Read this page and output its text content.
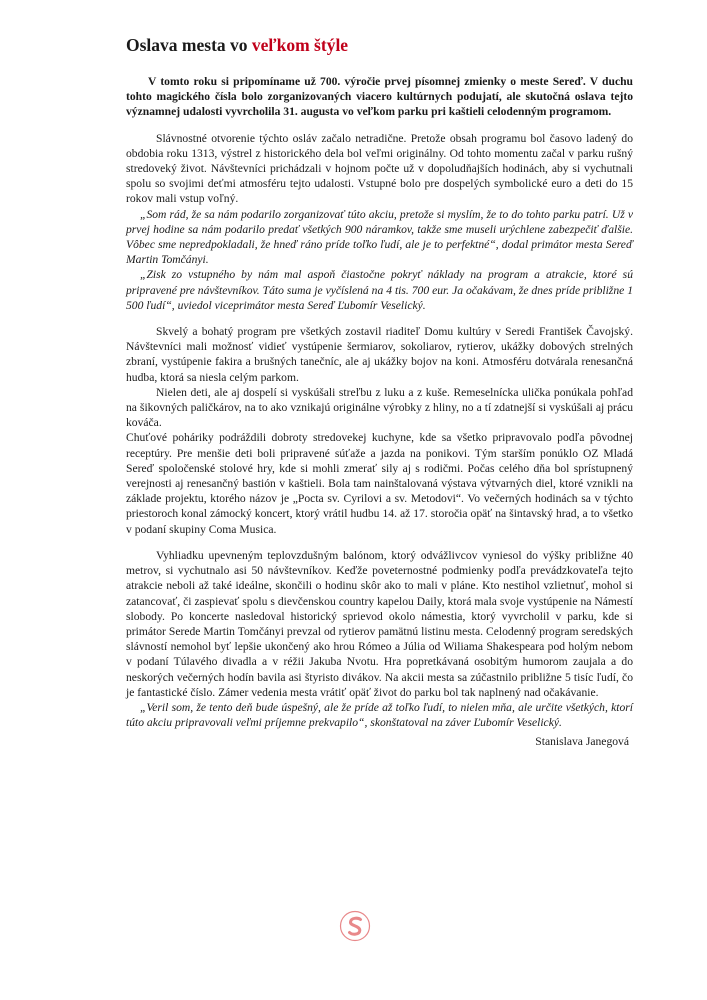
Oslava mesta vo veľkom štýle

V tomto roku si pripomíname už 700. výročie prvej písomnej zmienky o meste Sereď. V duchu tohto magického čísla bolo zorganizovaných viacero kultúrnych podujatí, ale skutočná oslava tejto významnej udalosti vyvrcholila 31. augusta vo veľkom parku pri kaštieli celodenným programom.

Slávnostné otvorenie týchto osláv začalo netradične. Pretože obsah programu bol časovo ladený do obdobia roku 1313, výstrel z historického dela bol veľmi originálny. Od tohto momentu začal v parku rušný stredoveký život. Návštevníci prichádzali v hojnom počte už v dopoludňajších hodinách, aby si vychutnali spolu so svojimi deťmi atmosféru tejto udalosti. Vstupné bolo pre dospelých symbolické euro a deti do 15 rokov mali vstup voľný.

„Som rád, že sa nám podarilo zorganizovať túto akciu, pretože si myslím, že to do tohto parku patrí. Už v prvej hodine sa nám podarilo predať všetkých 900 náramkov, takže sme museli urýchlene zabezpečiť ďalšie. Vôbec sme nepredpokladali, že hneď ráno príde toľko ľudí, ale je to perfektné“, dodal primátor mesta Sereď Martin Tomčányi.

„Zisk zo vstupného by nám mal aspoň čiastočne pokryť náklady na program a atrakcie, ktoré sú pripravené pre návštevníkov. Táto suma je vyčíslená na 4 tis. 700 eur. Ja očakávam, že dnes príde približne 1 500 ľudí“, uviedol viceprimátor mesta Sereď Ľubomír Veselický.

Skvelý a bohatý program pre všetkých zostavil riaditeľ Domu kultúry v Seredi František Čavojský. Návštevníci mali možnosť vidieť vystúpenie šermiarov, sokoliarov, rytierov, ukážky dobových strelných zbraní, vystúpenie fakira a brušných tanečníc, ale aj ukážky bojov na koni. Atmosféru dotvárala renesančná hudba, ktorá sa niesla celým parkom.

Nielen deti, ale aj dospelí si vyskúšali streľbu z luku a z kuše. Remeselnícka ulička ponúkala pohľad na šikovných paličkárov, na to ako vznikajú originálne výrobky z hliny, no a tí zdatnejší si vyskúšali aj prácu kováča.

Chuťové poháriky podráždili dobroty stredovekej kuchyne, kde sa všetko pripravovalo podľa pôvodnej receptúry. Pre menšie deti boli pripravené súťaže a jazda na ponikovi. Tým starším ponúklo OZ Mladá Sereď spoločenské stolové hry, kde si mohli zmerať sily aj s rodičmi. Počas celého dňa bol sprístupnený verejnosti aj renesančný bastión v kaštieli. Bola tam nainštalovaná výstava výtvarných diel, ktoré vznikli na základe projektu, ktorého názov je „Pocta sv. Cyrilovi a sv. Metodovi“. Vo večerných hodinách sa v týchto priestoroch konal zámocký koncert, ktorý vrátil hudbu 14. až 17. storočia opäť na šintavský hrad, a to všetko v podaní skupiny Coma Musica.

Vyhliadku upevneným teplovzdušným balónom, ktorý odvážlivcov vyniesol do výšky približne 40 metrov, si vychutnalo asi 50 návštevníkov. Keďže poveternostné podmienky podľa prevádzkovateľa tejto atrakcie neboli až také ideálne, skončili o hodinu skôr ako to mali v pláne. Kto nestihol vzlietnuť, mohol si zatancovať, či zaspievať spolu s dievčenskou country kapelou Daily, ktorá mala svoje vystúpenie na Námestí slobody. Po koncerte nasledoval historický sprievod okolo námestia, ktorý vyvrcholil v parku, kde si primátor Serede Martin Tomčányi prevzal od rytierov pamätnú listinu mesta. Celodenný program seredských slávností nemohol byť lepšie ukončený ako hrou Rómeo a Júlia od Wiliama Shakespeara pod holým nebom v podaní Túlavého divadla a v réžii Jakuba Nvotu. Hra popretkávaná osobitým humorom zaujala a do neskorých večerných hodín bavila asi štyristo divákov. Na akcii mesta sa zúčastnilo približne 5 tisíc ľudí, čo je fantastické číslo. Zámer vedenia mesta vrátiť opäť život do parku bol tak naplnený nad očakávanie.

„Veril som, že tento deň bude úspešný, ale že príde až toľko ľudí, to nielen mňa, ale určite všetkých, ktorí túto akciu pripravovali veľmi príjemne prekvapilo“, skonštatoval na záver Ľubomír Veselický.

Stanislava Janegová
